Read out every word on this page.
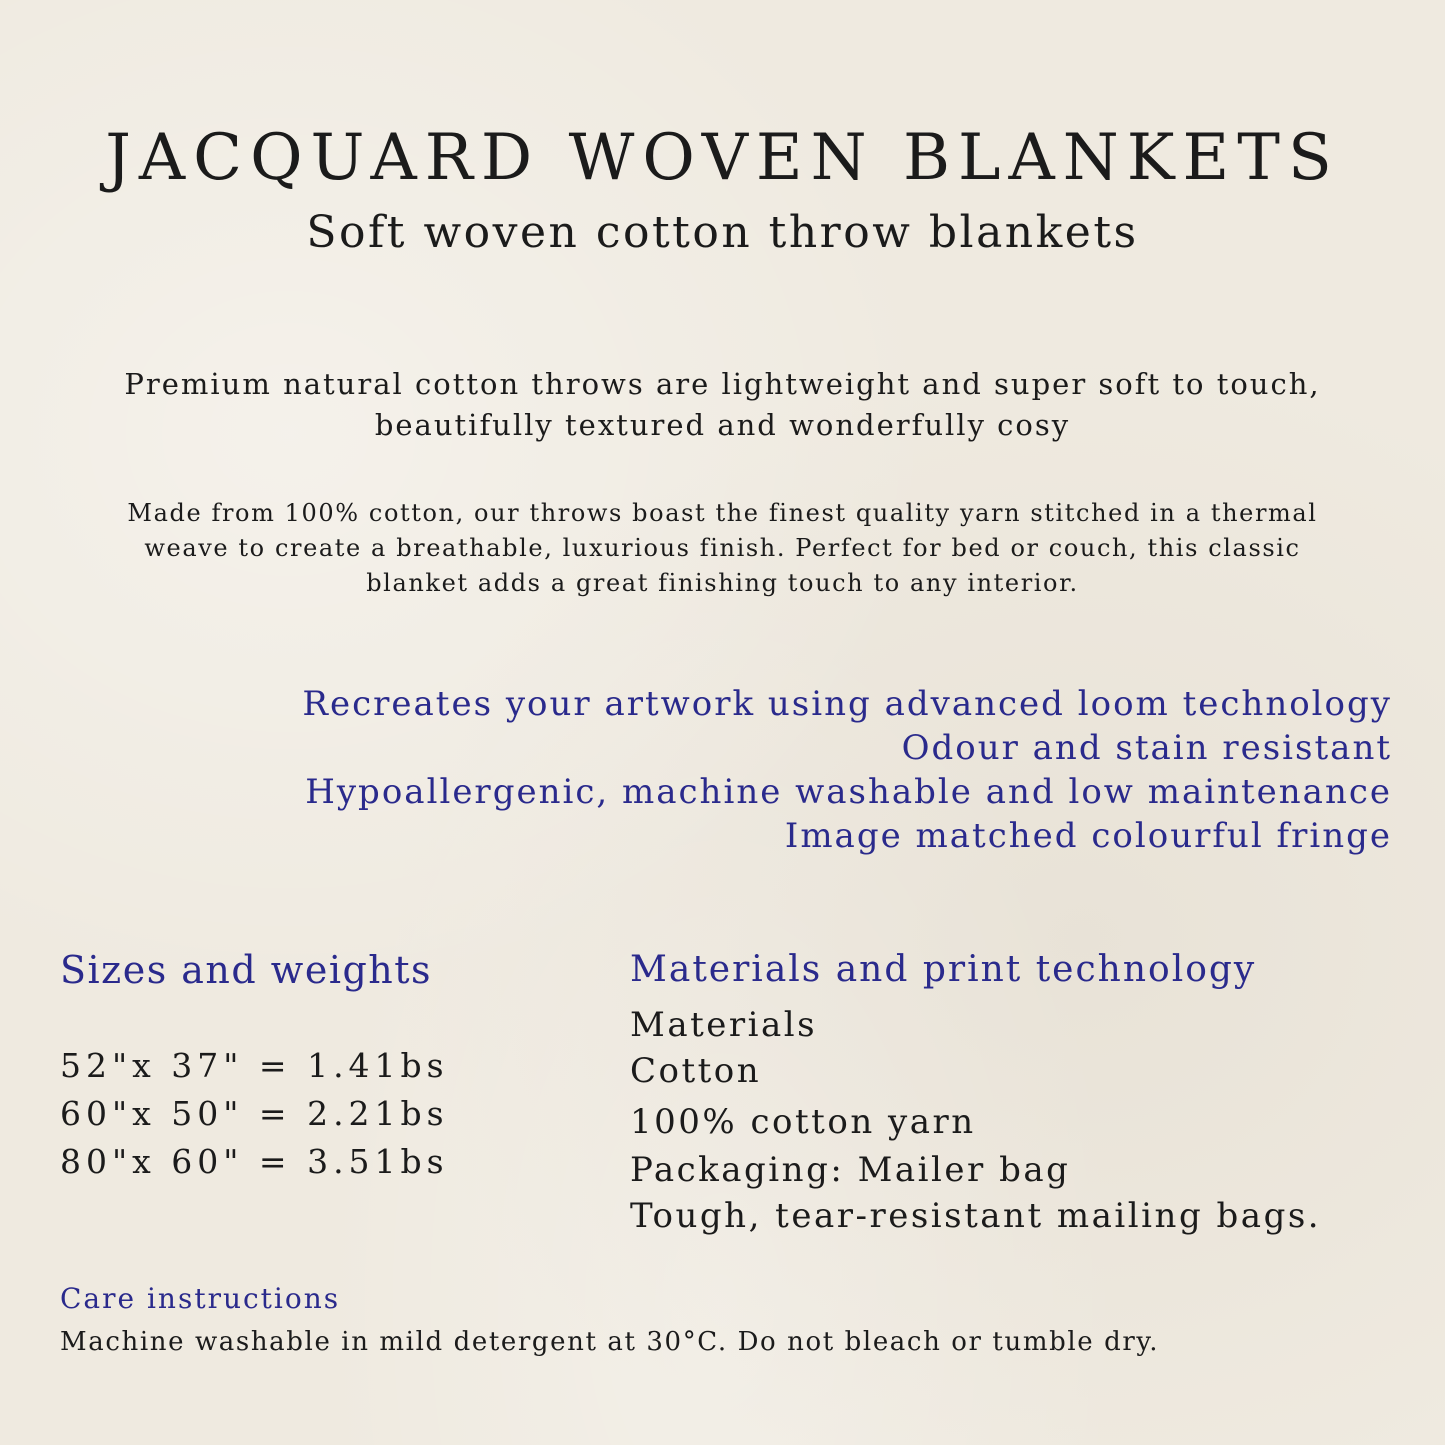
JACQUARD WOVEN BLANKETS
Soft woven cotton throw blankets
Premium natural cotton throws are lightweight and super soft to touch,
beautifully textured and wonderfully cosy
Made from 100% cotton, our throws boast the finest quality yarn stitched in a thermal
weave to create a breathable, luxurious finish. Perfect for bed or couch, this classic
blanket adds a great finishing touch to any interior.
Recreates your artwork using advanced loom technology
Odour and stain resistant
Hypoallergenic, machine washable and low maintenance
Image matched colourful fringe
Sizes and weights
52"x 37" = 1.41bs
60"x 50" = 2.21bs
80"x 60" = 3.51bs
Materials and print technology
Materials
Cotton
100% cotton yarn
Packaging: Mailer bag
Tough, tear-resistant mailing bags.
Care instructions
Machine washable in mild detergent at 30°C. Do not bleach or tumble dry.
